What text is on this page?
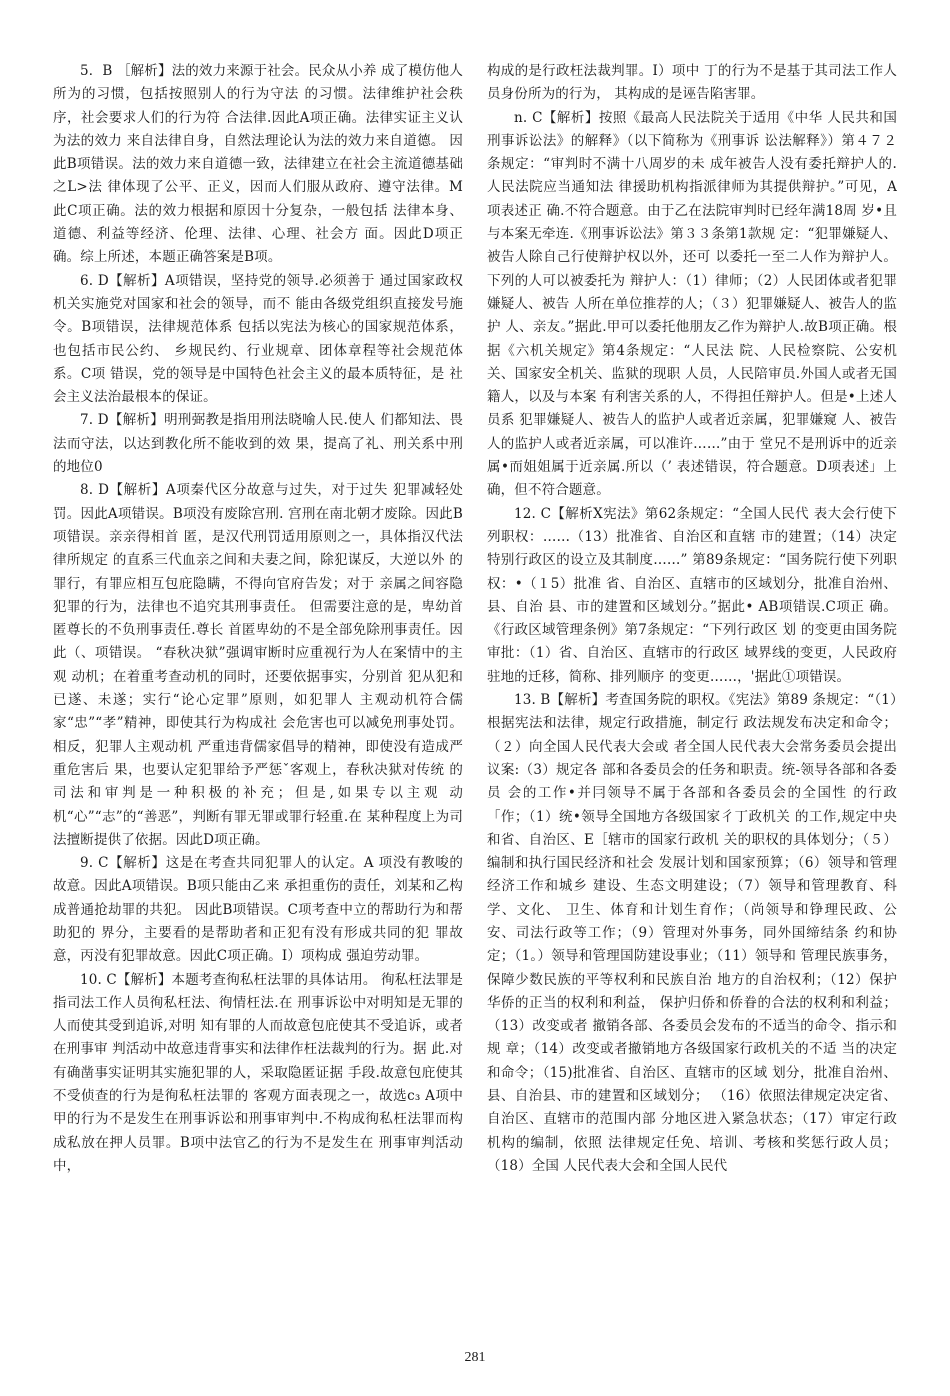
5．B ［解析】法的效力来源于社会。民众从小养 成了模仿他人所为的习惯，包括按照别人的行为守法 的习惯。法律维护社会秩序，社会要求人们的行为符 合法律.因此A项正确。法律实证主义认为法的效力 来自法律自身，自然法理论认为法的效力来自道德。 因此B项错误。法的效力来自道德一致，法律建立在社会主流道德基础之L>法 律体现了公平、正义，因而人们服从政府、遵守法律。M 此C项正确。法的效力根据和原因十分复杂，一般包括 法律本身、道德、利益等经济、伦理、法律、心理、社会方 面。因此D项正确。综上所述，本题正确答案是B项。

6. D【解析】A项错误，坚持党的领导.必须善于 通过国家政权机关实施党对国家和社会的领导，而不 能由各级党组织直接发号施令。B项错误，法律规范体系 包括以宪法为核心的国家规范体系，也包括市民公约、 乡规民约、行业规章、团体章程等社会规范体系。C项 错误，党的领导是中国特色社会主义的最本质特征，是 社会主义法治最根本的保证。

7. D【解析】明刑弼教是指用刑法晓喻人民.使人 们都知法、畏法而守法，以达到教化所不能收到的效 果，提高了礼、刑关系中刑的地位0

8. D【解析】A项秦代区分故意与过失，对于过失 犯罪减轻处罚。因此A项错误。B项没有废除宫刑. 宫刑在南北朝才废除。因此B项错误。亲亲得相首 匿，是汉代刑罚适用原则之一，具体指汉代法律所规定 的直系三代血亲之间和夫妻之间，除犯谋反，大逆以外 的罪行，有罪应相互包庇隐瞒，不得向官府告发；对于 亲属之间容隐犯罪的行为，法律也不追究其刑事责任。 但需要注意的是，卑幼首匿尊长的不负刑事责任.尊长 首匿卑幼的不是全部免除刑事责任。因此（、项错误。 “春秋决狱”强调审断时应重视行为人在案情中的主观 动机；在着重考查动机的同时，还要依据事实，分别首 犯从犯和已遂、未遂；实行“论心定罪”原则，如犯罪人 主观动机符合儒家“忠”“孝”精神，即使其行为构成社 会危害也可以减免刑事处罚。相反，犯罪人主观动机 严重违背儒家倡导的精神，即使没有造成严重危害后 果，也要认定犯罪给予严惩ˇ客观上，春秋决狱对传统 的司法和审判是一种积极的补充；但是,如果专以主观 动机“心”“志”的“善恶”，判断有罪无罪或罪行轻重.在 某种程度上为司法擅断提供了依据。因此D项正确。

9. C【解析】这是在考查共同犯罪人的认定。A 项没有教唆的故意。因此A项错误。B项只能由乙来 承担重伤的责任，刘某和乙构成普通抢劫罪的共犯。 因此B项错误。C项考查中立的帮助行为和帮助犯的 界分，主要看的是帮助者和正犯有没有形成共同的犯 罪故意，丙没有犯罪故意。因此C项正确。I）项构成 强迫劳动罪。

10. C【解析】本题考查徇私枉法罪的具体诂用。 徇私枉法罪是指司法工作人员徇私枉法、徇情枉法.在 刑事诉讼中对明知是无罪的人而使其受到追诉,对明 知有罪的人而故意包庇使其不受追诉，或者在刑事审 判活动中故意违背事实和法律作枉法裁判的行为。据 此.对有确凿事实证明其实施犯罪的人，采取隐匿证据 手段.故意包庇使其不受侦查的行为是徇私枉法罪的 客观方面表现之一，故选c₃ A项中甲的行为不是发生在刑事诉讼和刑事审判中.不构成徇私枉法罪而构 成私放在押人员罪。B项中法官乙的行为不是发生在 刑事审判活动中，

构成的是行政枉法裁判罪。I）项中 丁的行为不是基于其司法工作人员身份所为的行为， 其构成的是诬告陷害罪。

n. C【解析】按照《最高人民法院关于适用《中华 人民共和国刑事诉讼法》的解释》（以下简称为《刑事诉 讼法解释》）第４７２条规定：“审判时不满十八周岁的未 成年被告人没有委托辩护人的.人民法院应当通知法 律援助机构指派律师为其提供辩护。”可见，A项表述正 确.不符合题意。由于乙在法院审判时已经年满18周 岁•且与本案无牵连.《刑事诉讼法》第３３条第1款规 定：“犯罪嫌疑人、被告人除自己行使辩护权以外，还可 以委托一至二人作为辩护人。下列的人可以被委托为 辩护人：（1）律师；（2）人民团体或者犯罪嫌疑人、被告 人所在单位推荐的人；（３）犯罪嫌疑人、被告人的监护 人、亲友。”据此.甲可以委托他朋友乙作为辩护人.故B项正确。根据《六机关规定》第4条规定：“人民法 院、人民检察院、公安机关、国家安全机关、监狱的现职 人员，人民陪审员.外国人或者无国籍人，以及与本案 有利害关系的人，不得担任辩护人。但是•上述人员系 犯罪嫌疑人、被告人的监护人或者近亲属，犯罪嫌窥 人、被告人的监护人或者近亲属，可以准许……”由于 堂兄不是刑诉中的近亲属•而姐姐属于近亲属.所以（’ 表述错误，符合题意。D项表述」上确，但不符合题意。

12. C【解析X宪法》第62条规定：“全国人民代 表大会行使下列职权：……（13）批准省、自治区和直辖 市的建置；（14）决定特别行政区的设立及其制度……” 第89条规定：“国务院行使下列职权：•（１5）批准 省、自治区、直辖市的区域划分，批准自治州、县、自治 县、市的建置和区域划分。”据此• AB项错误.C项正 确。《行政区域管理条例》第7条规定：“下列行政区 划 的变更由国务院审批：（1）省、自治区、直辖市的行政区 域界线的变更，人民政府驻地的迁移，简称、排列顺序 的变更……，'据此①项错误。

13. B【解析】考查国务院的职权。《宪法》第89 条规定：“（1）根据宪法和法律，规定行政措施，制定行 政法规发布决定和命令；（２）向全国人民代表大会或 者全国人民代表大会常务委员会提出议案:（3）规定各 部和各委员会的任务和职责。统-领导各部和各委员 会的工作•并冃领导不属于各部和各委员会的全国性 的行政「作；（1）统•领导全国地方各级国家彳丁政机关 的工作,规定中央和省、自治区、E［辖市的国家行政机 关的职权的具体划分；（５）编制和执行国民经济和社会 发展计划和国家预算；（6）领导和管理经济工作和城乡 建设、生态文明建设；（7）领导和管理教育、科学、文化、 卫生、体育和计划生育作；（尚领导和铮理民政、公 安、司法行政等工作；（9）管理对外事务，同外国缔结条 约和协定；（1。）领导和管理国防建设事业；（11）领导和 管理民族事务，保障少数民族的平等权利和民族自治 地方的自治权利；（12）保护华侨的正当的权利和利益， 保护归侨和侨眷的合法的权利和利益；（13）改变或者 撤销各部、各委员会发布的不适当的命令、指示和规 章；（14）改变或者撤销地方各级国家行政机关的不适 当的决定和命令；（15)批准省、自治区、直辖市的区域 划分，批准自治州、县、自治县、市的建置和区域划分； （16）依照法律规定决定省、自治区、直辖市的范围内部 分地区进入紧急状态；（17）审定行政机构的编制，依照 法律规定任免、培训、考核和奖惩行政人员；（18）全国 人民代表大会和全国人民代

281
